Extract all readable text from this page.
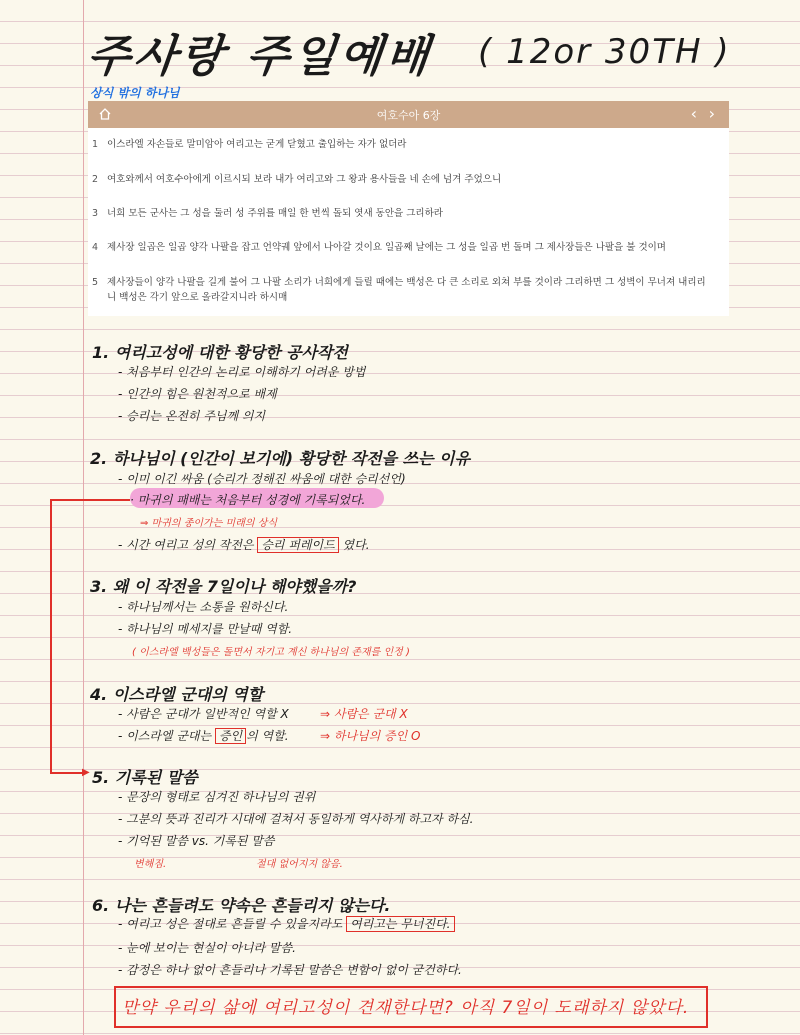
주사랑 주일예배 ( 12or 30TH )
상식 밖의 하나님
여호수아 6장	‹ ›
1 이스라엘 자손들로 말미암아 여리고는 굳게 닫혔고 출입하는 자가 없더라
2 여호와께서 여호수아에게 이르시되 보라 내가 여리고와 그 왕과 용사들을 네 손에 넘겨 주었으니
3 너희 모든 군사는 그 성을 둘러 성 주위를 매일 한 번씩 돌되 엿새 동안을 그리하라
4 제사장 일곱은 일곱 양각 나팔을 잡고 언약궤 앞에서 나아갈 것이요 일곱째 날에는 그 성을 일곱 번 돌며 그 제사장들은 나팔을 불 것이며
5 제사장들이 양각 나팔을 길게 불어 그 나팔 소리가 너희에게 들릴 때에는 백성은 다 큰 소리로 외쳐 부를 것이라 그리하면 그 성벽이 무너져 내리리니 백성은 각기 앞으로 올라갈지니라 하시매
1. 여리고성에 대한 황당한 공사작전
- 처음부터 인간의 논리로 이해하기 어려운 방법
- 인간의 힘은 원천적으로 배제
- 승리는 온전히 주님께 의지
2. 하나님이 (인간이 보기에) 황당한 작전을 쓰는 이유
- 이미 이긴 싸움 (승리가 정해진 싸움에 대한 승리선언)
· 마귀의 패배는 처음부터 성경에 기록되었다.
⇒ 마귀의 종이가는 미래의 상식
- 시간 여리고 성의 작전은 승리 퍼레이드 였다.
▶
3. 왜 이 작전을 7일이나 해야했을까?
- 하나님께서는 소통을 원하신다.
- 하나님의 메세지를 만날때 역함.
( 이스라엘 백성들은 돌면서 자기고 계신 하나님의 존재를 인정 )
4. 이스라엘 군대의 역할
- 사람은 군대가 일반적인 역할 X	⇒ 사람은 군대 X
- 이스라엘 군대는 증인 의 역할.	⇒ 하나님의 증인 O
5. 기록된 말씀
- 문장의 형태로 심겨진 하나님의 권위
- 그분의 뜻과 진리가 시대에 걸쳐서 동일하게 역사하게 하고자 하심.
- 기억된 말씀 vs. 기록된 말씀
변해짐.	절대 없어지지 않음.
6. 나는 흔들려도 약속은 흔들리지 않는다.
- 여리고 성은 절대로 흔들릴 수 있을지라도 여리고는 무너진다.
- 눈에 보이는 현실이 아니라 말씀.
- 감정은 하나 없이 흔들리나 기록된 말씀은 변함이 없이 굳건하다.
만약 우리의 삶에 여리고성이 견재한다면? 아직 7일이 도래하지 않았다.
